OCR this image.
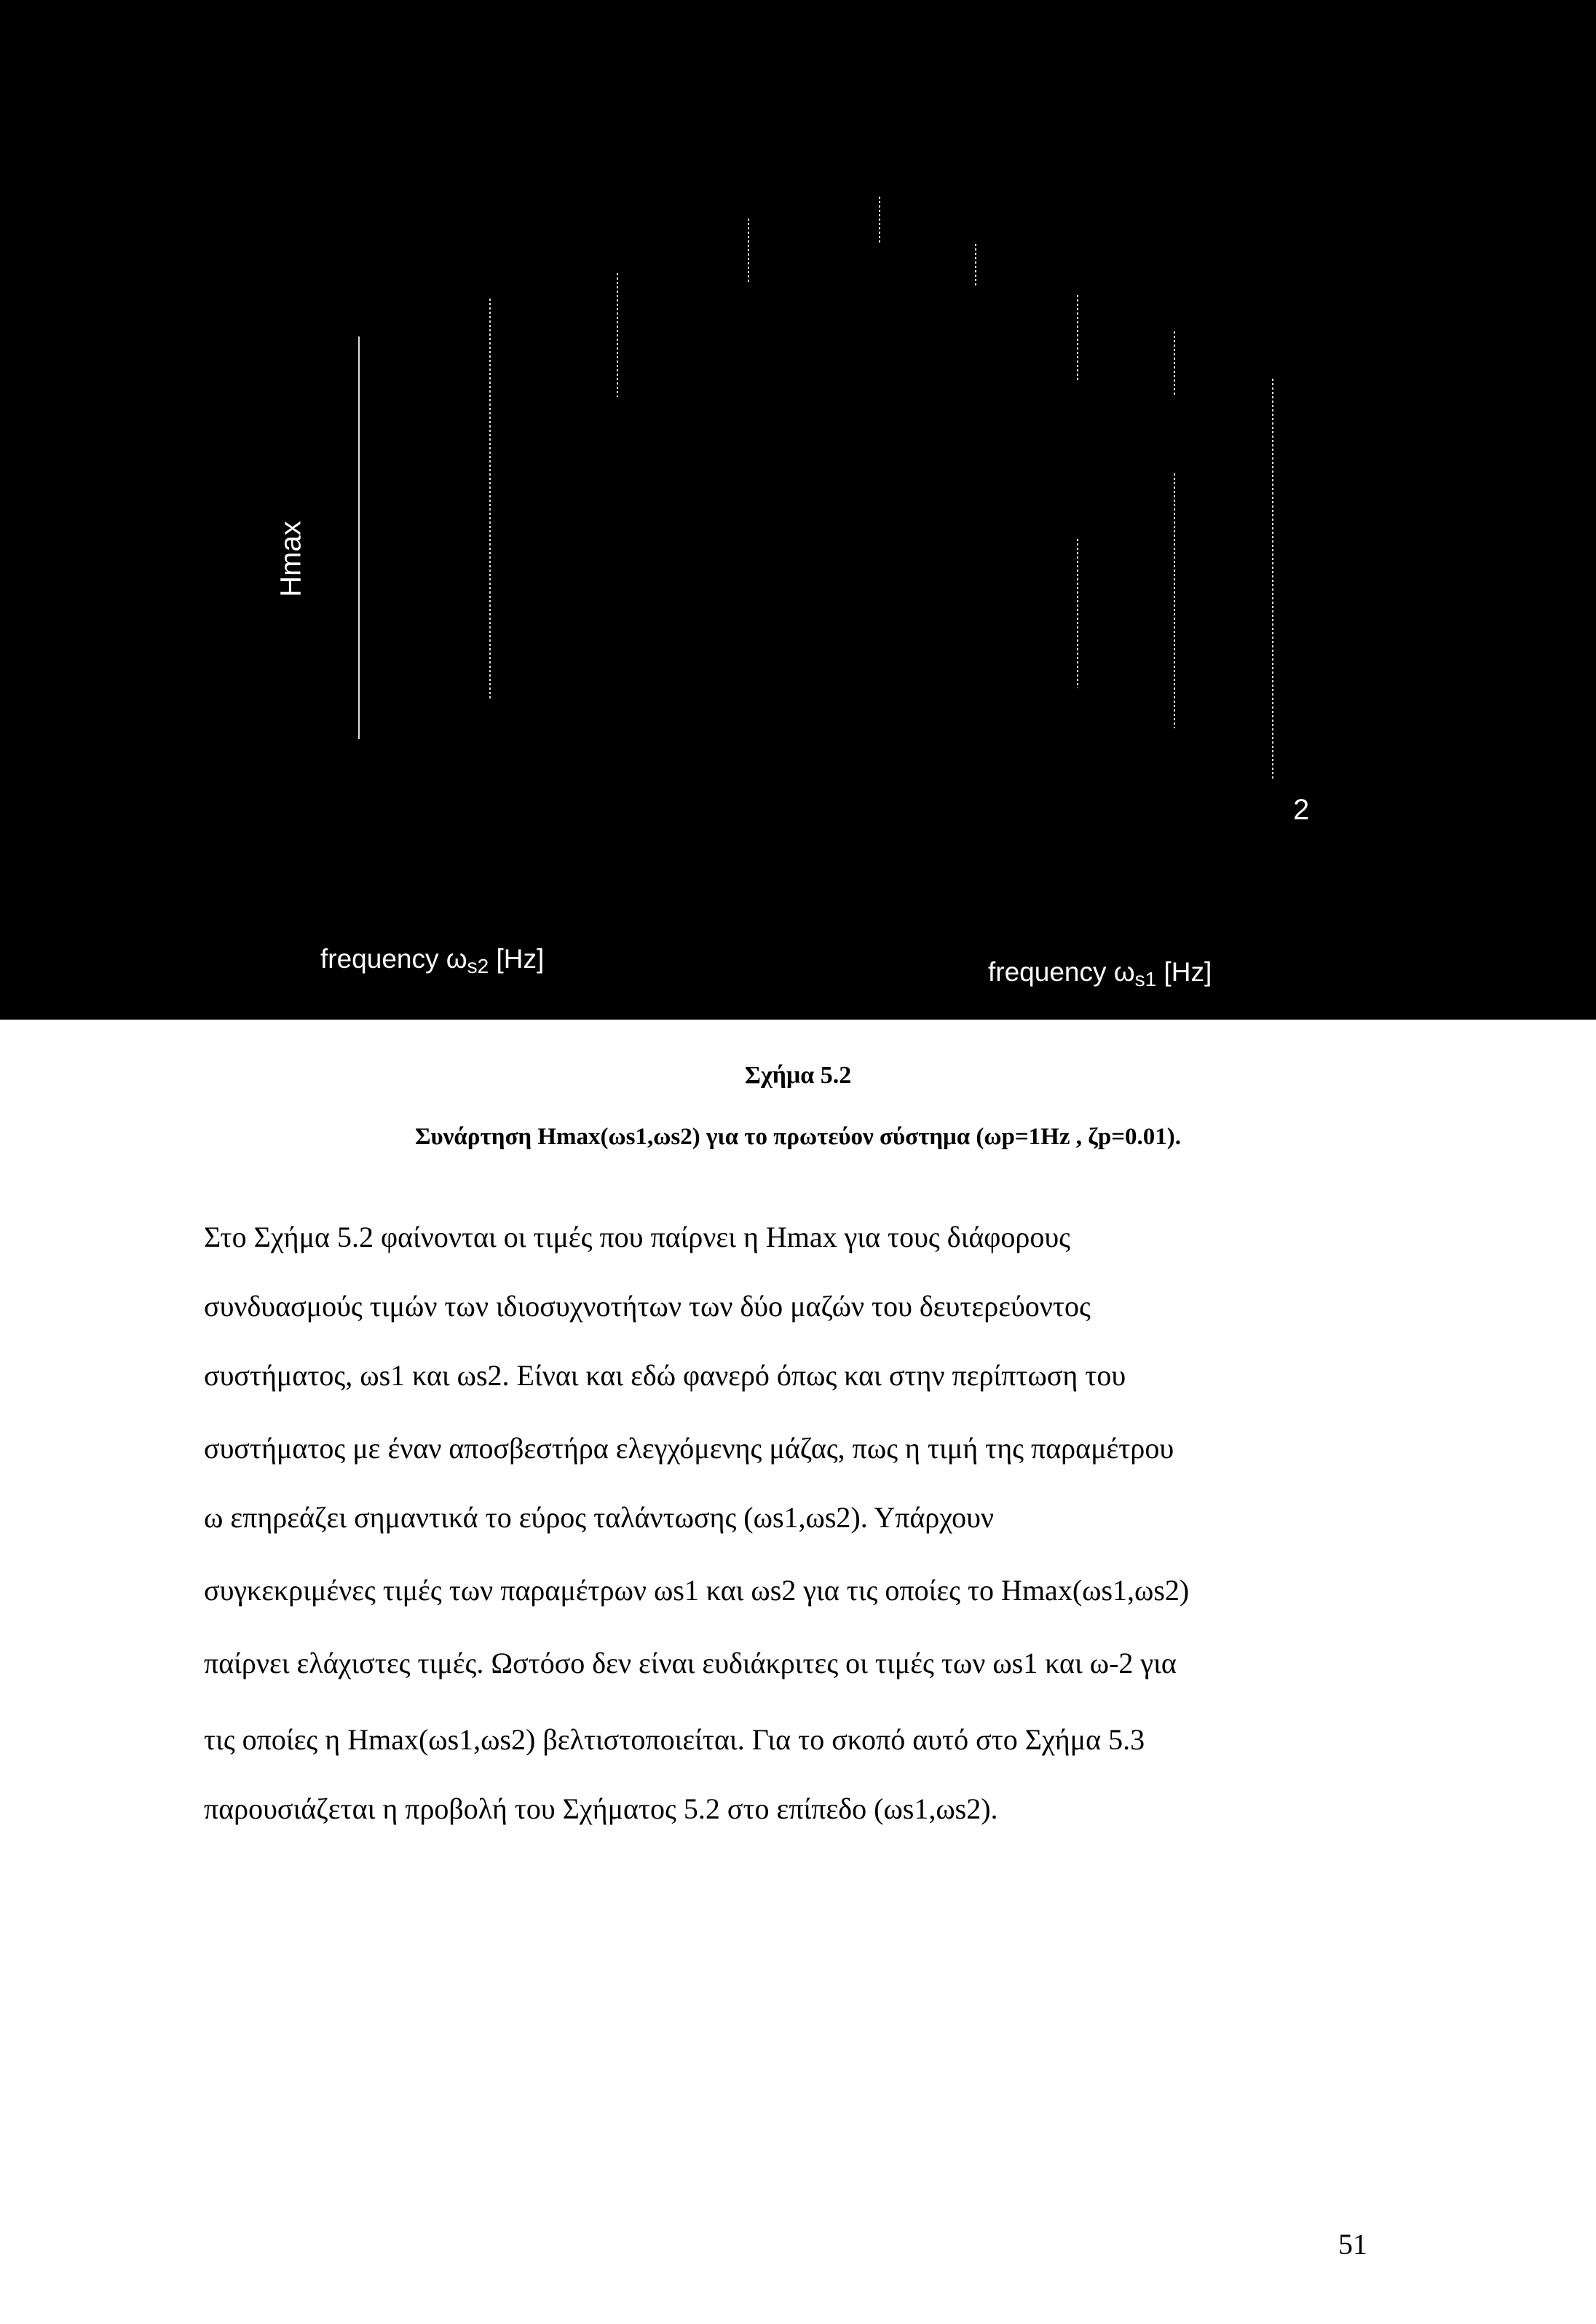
Hmax
2
frequency $\omega_{s2}$ [Hz]	frequency $\omega_{s1}$ [Hz]
Σχήμα 5.2
Συνάρτηση Hmax(ωs1,ωs2) για το πρωτεύον σύστημα (ωp=1Hz , ζp=0.01).
Στο Σχήμα 5.2 φαίνονται οι τιμές που παίρνει η Hmax για τους διάφορους
συνδυασμούς τιμών των ιδιοσυχνοτήτων των δύο μαζών του δευτερεύοντος
συστήματος, ωs1 και ωs2. Είναι και εδώ φανερό όπως και στην περίπτωση του
συστήματος με έναν αποσβεστήρα ελεγχόμενης μάζας, πως η τιμή της παραμέτρου
ω επηρεάζει σημαντικά το εύρος ταλάντωσης (ωs1,ωs2). Υπάρχουν
συγκεκριμένες τιμές των παραμέτρων ωs1 και ωs2 για τις οποίες το Hmax(ωs1,ωs2)
παίρνει ελάχιστες τιμές. Ωστόσο δεν είναι ευδιάκριτες οι τιμές των ωs1 και ω-2 για
τις οποίες η Hmax(ωs1,ωs2) βελτιστοποιείται. Για το σκοπό αυτό στο Σχήμα 5.3
παρουσιάζεται η προβολή του Σχήματος 5.2 στο επίπεδο (ωs1,ωs2).
51
